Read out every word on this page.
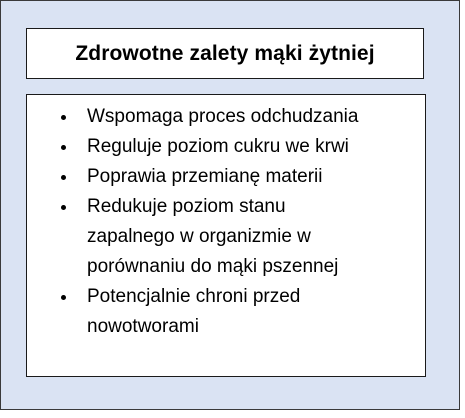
Zdrowotne zalety mąki żytniej
Wspomaga proces odchudzania
Reguluje poziom cukru we krwi
Poprawia przemianę materii
Redukuje poziom stanu
zapalnego w organizmie w
porównaniu do mąki pszennej
Potencjalnie chroni przed
nowotworami
